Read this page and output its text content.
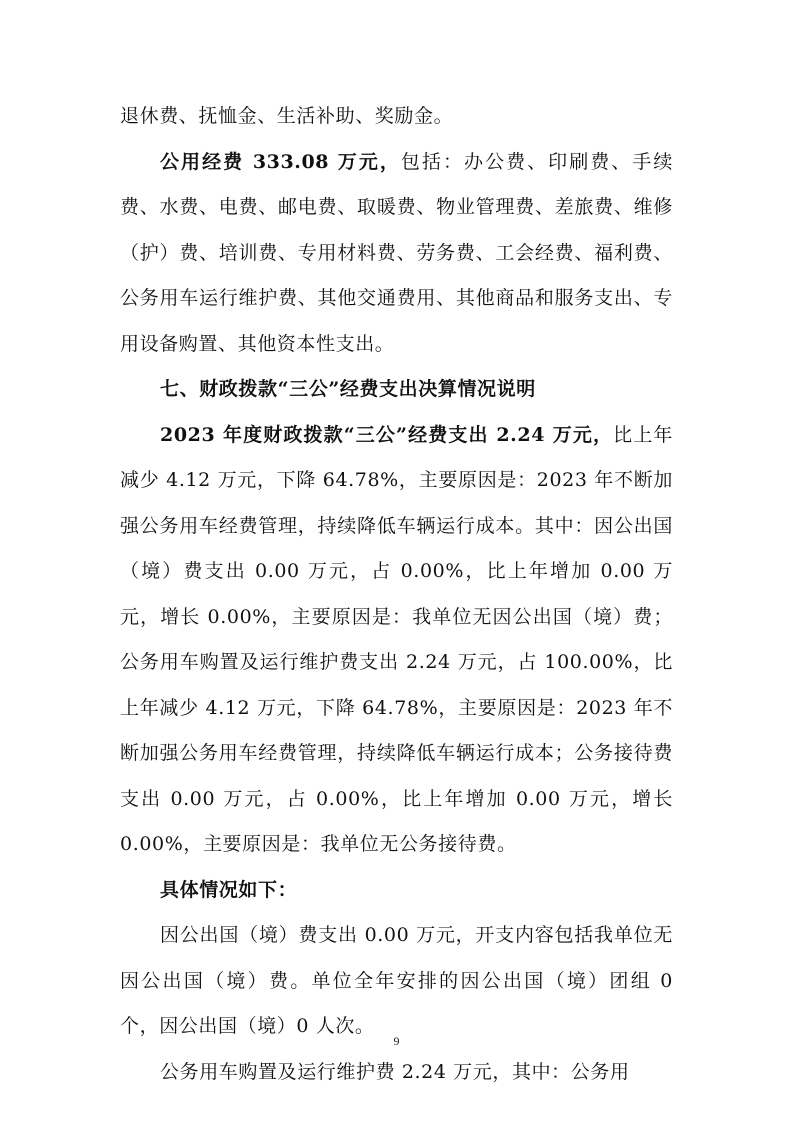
退休费、抚恤金、生活补助、奖励金。

公用经费 333.08 万元，包括：办公费、印刷费、手续费、水费、电费、邮电费、取暖费、物业管理费、差旅费、维修（护）费、培训费、专用材料费、劳务费、工会经费、福利费、公务用车运行维护费、其他交通费用、其他商品和服务支出、专用设备购置、其他资本性支出。

七、财政拨款“三公”经费支出决算情况说明

2023 年度财政拨款“三公”经费支出 2.24 万元，比上年减少 4.12 万元，下降 64.78%，主要原因是：2023 年不断加强公务用车经费管理，持续降低车辆运行成本。其中：因公出国（境）费支出 0.00 万元，占 0.00%，比上年增加 0.00 万元，增长 0.00%，主要原因是：我单位无因公出国（境）费；公务用车购置及运行维护费支出 2.24 万元，占 100.00%，比上年减少 4.12 万元，下降 64.78%，主要原因是：2023 年不断加强公务用车经费管理，持续降低车辆运行成本；公务接待费支出 0.00 万元，占 0.00%，比上年增加 0.00 万元，增长 0.00%，主要原因是：我单位无公务接待费。

具体情况如下：

因公出国（境）费支出 0.00 万元，开支内容包括我单位无因公出国（境）费。单位全年安排的因公出国（境）团组 0 个，因公出国（境）0 人次。

公务用车购置及运行维护费 2.24 万元，其中：公务用

9
